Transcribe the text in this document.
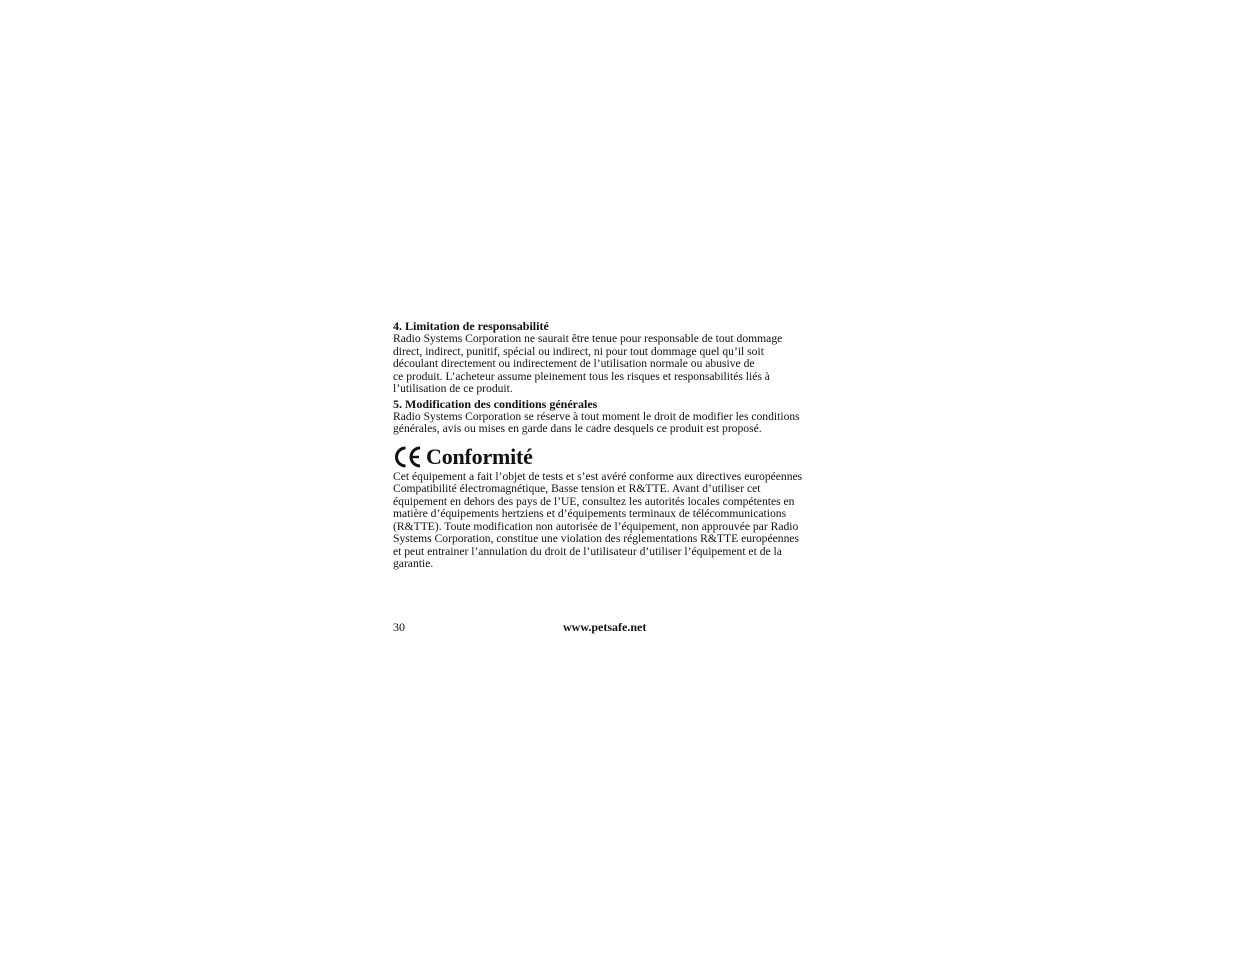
4. Limitation de responsabilité

Radio Systems Corporation ne saurait être tenue pour responsable de tout dommage
direct, indirect, punitif, spécial ou indirect, ni pour tout dommage quel qu’il soit
découlant directement ou indirectement de l’utilisation normale ou abusive de
ce produit. L’acheteur assume pleinement tous les risques et responsabilités liés à
l’utilisation de ce produit.

5. Modification des conditions générales

Radio Systems Corporation se réserve à tout moment le droit de modifier les conditions
générales, avis ou mises en garde dans le cadre desquels ce produit est proposé.

Conformité

Cet équipement a fait l’objet de tests et s’est avéré conforme aux directives européennes
Compatibilité électromagnétique, Basse tension et R&TTE. Avant d’utiliser cet
équipement en dehors des pays de l’UE, consultez les autorités locales compétentes en
matière d’équipements hertziens et d’équipements terminaux de télécommunications
(R&TTE). Toute modification non autorisée de l’équipement, non approuvée par Radio
Systems Corporation, constitue une violation des réglementations R&TTE européennes
et peut entrainer l’annulation du droit de l’utilisateur d’utiliser l’équipement et de la
garantie.

30	www.petsafe.net
